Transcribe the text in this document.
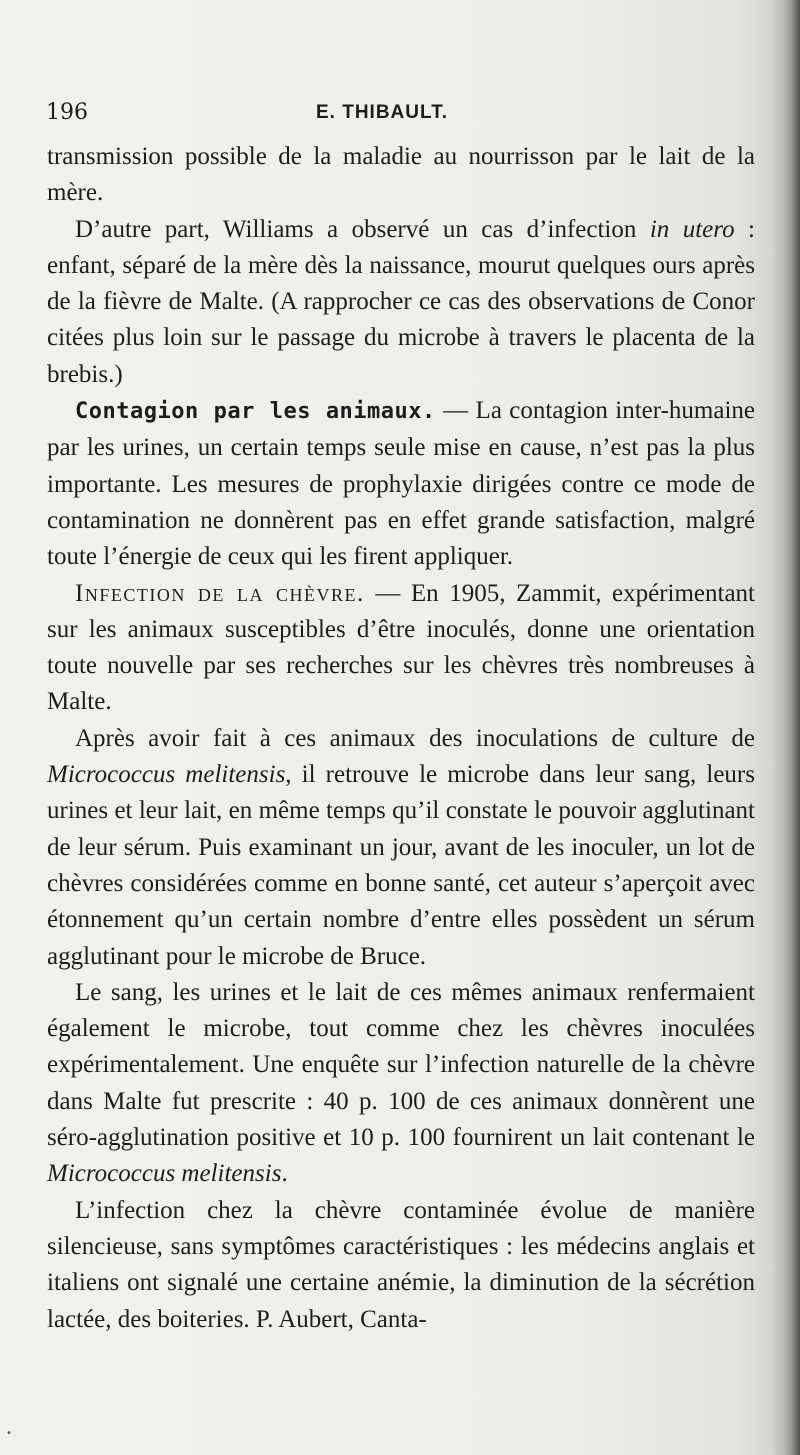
196	E. THIBAULT.

transmission possible de la maladie au nourrisson par le lait de la mère.

D’autre part, Williams a observé un cas d’infection in utero : enfant, séparé de la mère dès la naissance, mourut quelques ours après de la fièvre de Malte. (A rapprocher ce cas des observations de Conor citées plus loin sur le passage du microbe à travers le placenta de la brebis.)

Contagion par les animaux. — La contagion inter-humaine par les urines, un certain temps seule mise en cause, n’est pas la plus importante. Les mesures de prophylaxie dirigées contre ce mode de contamination ne donnèrent pas en effet grande satisfaction, malgré toute l’énergie de ceux qui les firent appliquer.

Infection de la chèvre. — En 1905, Zammit, expérimentant sur les animaux susceptibles d’être inoculés, donne une orientation toute nouvelle par ses recherches sur les chèvres très nombreuses à Malte.

Après avoir fait à ces animaux des inoculations de culture de Micrococcus melitensis, il retrouve le microbe dans leur sang, leurs urines et leur lait, en même temps qu’il constate le pouvoir agglutinant de leur sérum. Puis examinant un jour, avant de les inoculer, un lot de chèvres considérées comme en bonne santé, cet auteur s’aperçoit avec étonnement qu’un certain nombre d’entre elles possèdent un sérum agglutinant pour le microbe de Bruce.

Le sang, les urines et le lait de ces mêmes animaux renfermaient également le microbe, tout comme chez les chèvres inoculées expérimentalement. Une enquête sur l’infection naturelle de la chèvre dans Malte fut prescrite : 40 p. 100 de ces animaux donnèrent une séro-agglutination positive et 10 p. 100 fournirent un lait contenant le Micrococcus melitensis.

L’infection chez la chèvre contaminée évolue de manière silencieuse, sans symptômes caractéristiques : les médecins anglais et italiens ont signalé une certaine anémie, la diminution de la sécrétion lactée, des boiteries. P. Aubert, Canta-

•
